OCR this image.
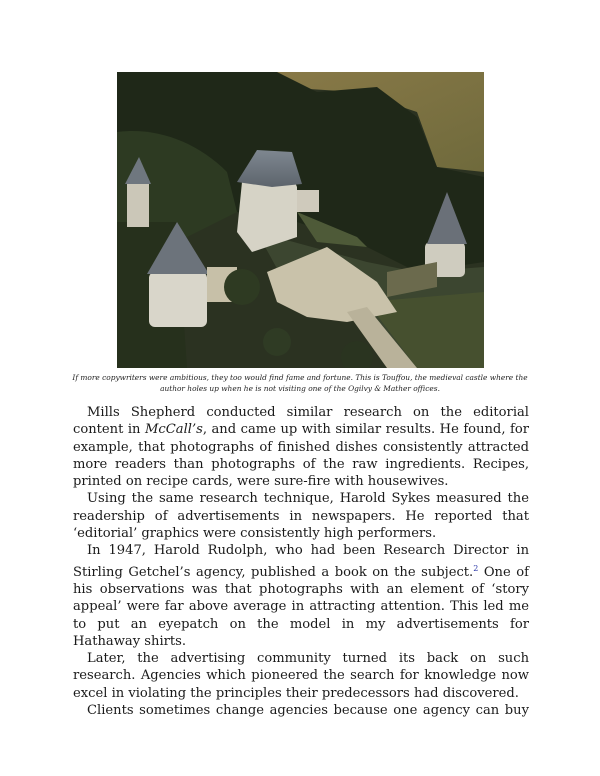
If more copywriters were ambitious, they too would find fame and fortune. This is Touffou, the medieval castle where the author holes up when he is not visiting one of the Ogilvy & Mather offices.

Mills Shepherd conducted similar research on the editorial content in McCall’s, and came up with similar results. He found, for example, that photographs of finished dishes consistently attracted more readers than photographs of the raw ingredients. Recipes, printed on recipe cards, were sure-fire with housewives.

Using the same research technique, Harold Sykes measured the readership of advertisements in newspapers. He reported that ‘editorial’ graphics were consistently high performers.

In 1947, Harold Rudolph, who had been Research Director in Stirling Getchel’s agency, published a book on the subject.$^2$ One of his observations was that photographs with an element of ‘story appeal’ were far above average in attracting attention. This led me to put an eyepatch on the model in my advertisements for Hathaway shirts.

Later, the advertising community turned its back on such research. Agencies which pioneered the search for knowledge now excel in violating the principles their predecessors had discovered.

Clients sometimes change agencies because one agency can buy
